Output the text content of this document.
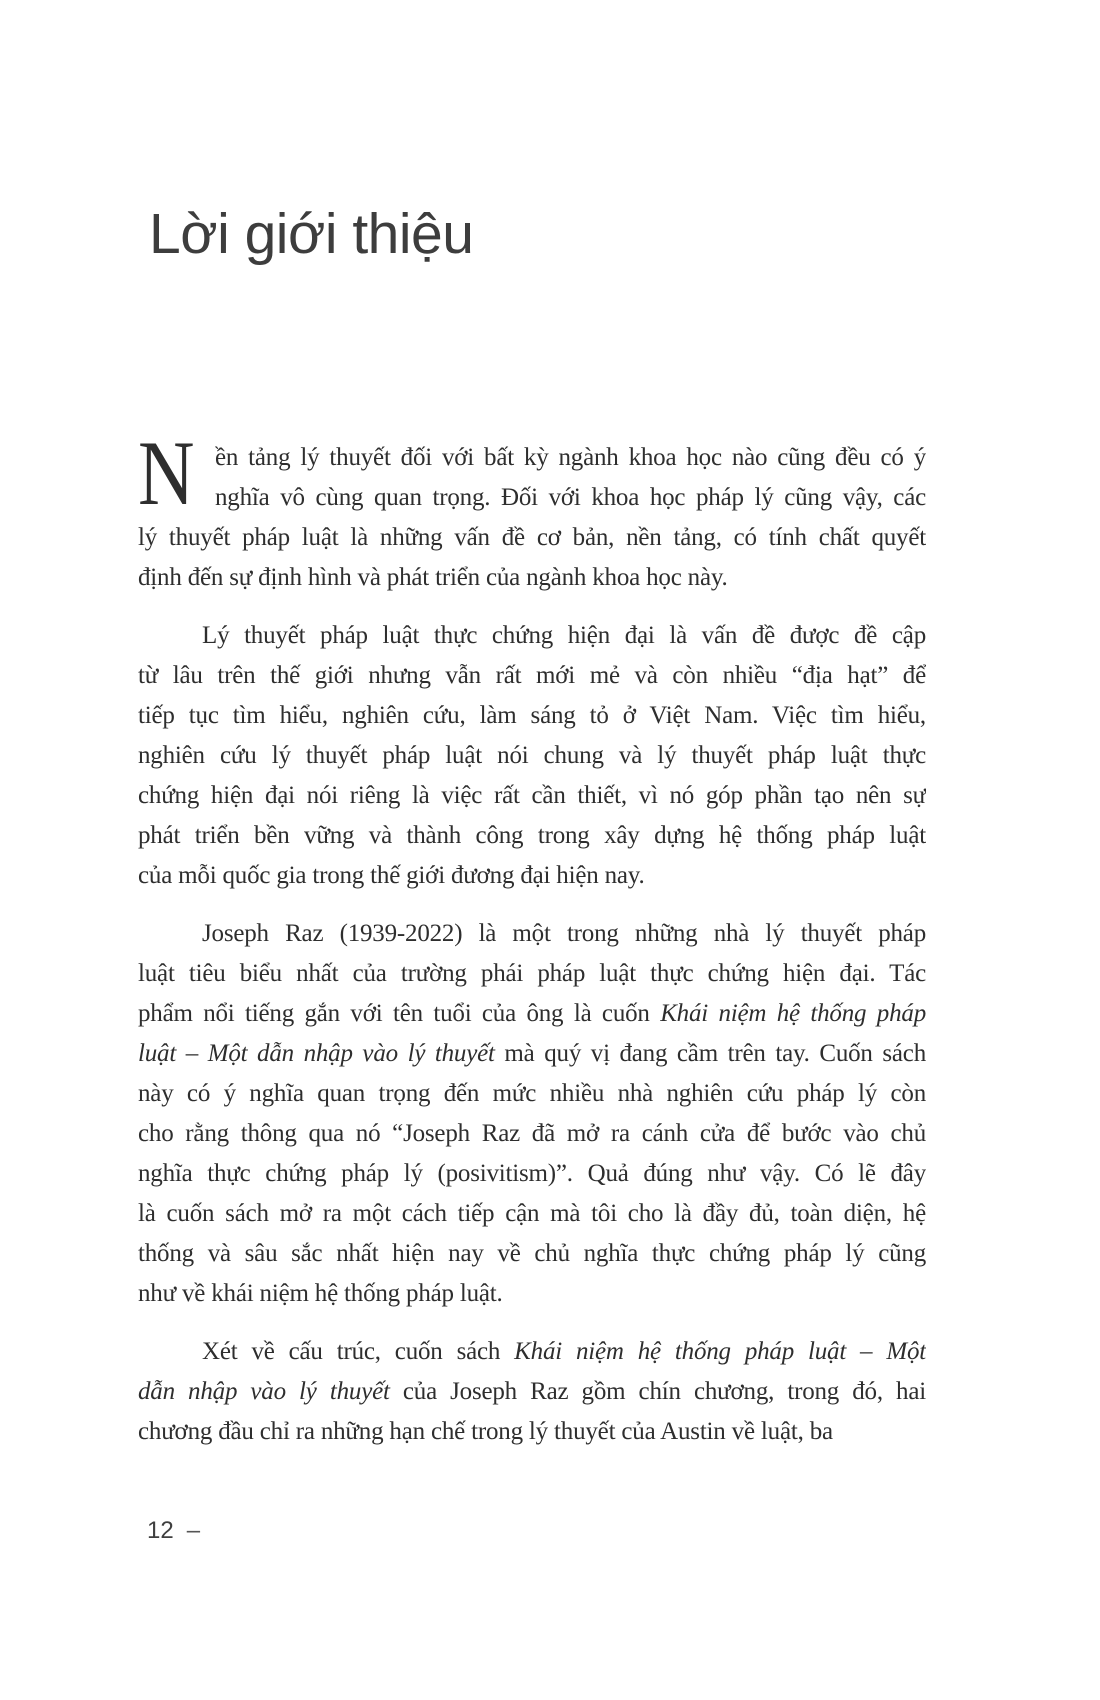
Lời giới thiệu
N ền tảng lý thuyết đối với bất kỳ ngành khoa học nào cũng đều có ý
nghĩa vô cùng quan trọng. Đối với khoa học pháp lý cũng vậy, các
lý thuyết pháp luật là những vấn đề cơ bản, nền tảng, có tính chất quyết
định đến sự định hình và phát triển của ngành khoa học này.
Lý thuyết pháp luật thực chứng hiện đại là vấn đề được đề cập
từ lâu trên thế giới nhưng vẫn rất mới mẻ và còn nhiều “địa hạt” để
tiếp tục tìm hiểu, nghiên cứu, làm sáng tỏ ở Việt Nam. Việc tìm hiểu,
nghiên cứu lý thuyết pháp luật nói chung và lý thuyết pháp luật thực
chứng hiện đại nói riêng là việc rất cần thiết, vì nó góp phần tạo nên sự
phát triển bền vững và thành công trong xây dựng hệ thống pháp luật
của mỗi quốc gia trong thế giới đương đại hiện nay.
Joseph Raz (1939-2022) là một trong những nhà lý thuyết pháp
luật tiêu biểu nhất của trường phái pháp luật thực chứng hiện đại. Tác
phẩm nổi tiếng gắn với tên tuổi của ông là cuốn Khái niệm hệ thống pháp
luật – Một dẫn nhập vào lý thuyết mà quý vị đang cầm trên tay. Cuốn sách
này có ý nghĩa quan trọng đến mức nhiều nhà nghiên cứu pháp lý còn
cho rằng thông qua nó “Joseph Raz đã mở ra cánh cửa để bước vào chủ
nghĩa thực chứng pháp lý (posivitism)”. Quả đúng như vậy. Có lẽ đây
là cuốn sách mở ra một cách tiếp cận mà tôi cho là đầy đủ, toàn diện, hệ
thống và sâu sắc nhất hiện nay về chủ nghĩa thực chứng pháp lý cũng
như về khái niệm hệ thống pháp luật.
Xét về cấu trúc, cuốn sách Khái niệm hệ thống pháp luật – Một
dẫn nhập vào lý thuyết của Joseph Raz gồm chín chương, trong đó, hai
chương đầu chỉ ra những hạn chế trong lý thuyết của Austin về luật, ba
12 –
